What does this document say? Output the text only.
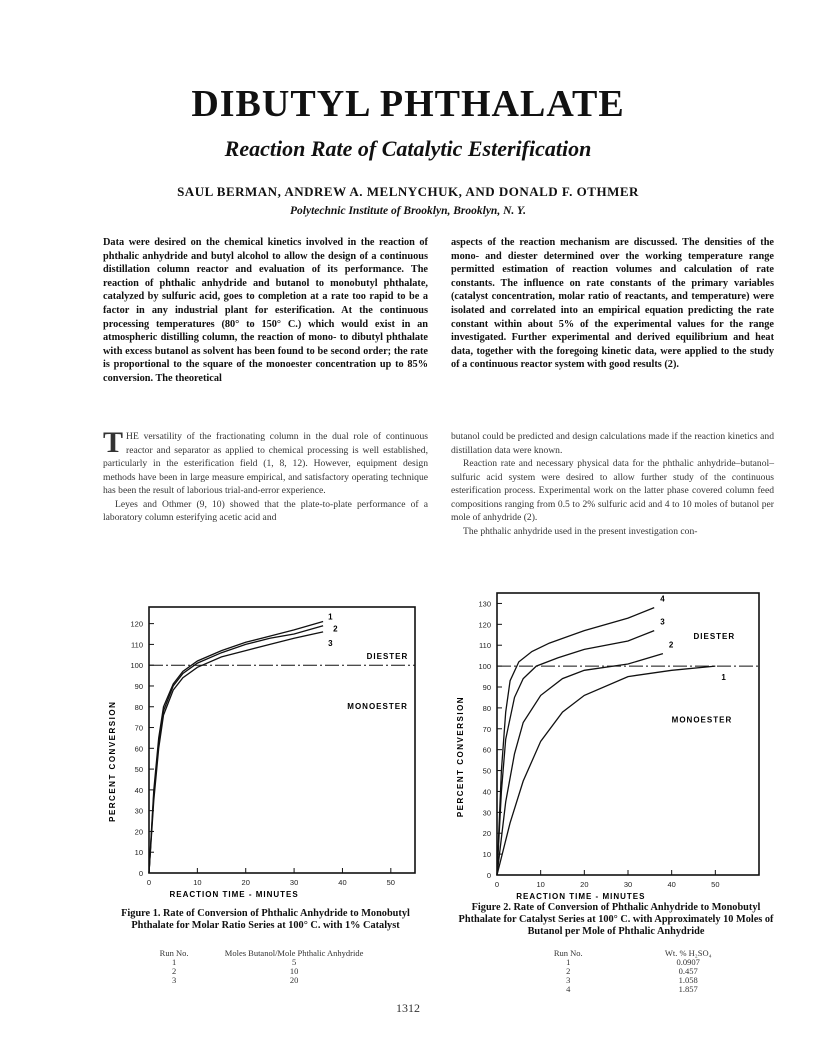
DIBUTYL PHTHALATE
Reaction Rate of Catalytic Esterification
SAUL BERMAN, ANDREW A. MELNYCHUK, AND DONALD F. OTHMER
Polytechnic Institute of Brooklyn, Brooklyn, N. Y.
Data were desired on the chemical kinetics involved in the reaction of phthalic anhydride and butyl alcohol to allow the design of a continuous distillation column reactor and evaluation of its performance. The reaction of phthalic anhydride and butanol to monobutyl phthalate, catalyzed by sulfuric acid, goes to completion at a rate too rapid to be a factor in any industrial plant for esterification. At the continuous processing temperatures (80° to 150° C.) which would exist in an atmospheric distilling column, the reaction of mono- to dibutyl phthalate with excess butanol as solvent has been found to be second order; the rate is proportional to the square of the monoester concentration up to 85% conversion. The theoretical
aspects of the reaction mechanism are discussed. The densities of the mono- and diester determined over the working temperature range permitted estimation of reaction volumes and calculation of rate constants. The influence on rate constants of the primary variables (catalyst concentration, molar ratio of reactants, and temperature) were isolated and correlated into an empirical equation predicting the rate constant within about 5% of the experimental values for the range investigated. Further experimental and derived equilibrium and heat data, together with the foregoing kinetic data, were applied to the study of a continuous reactor system with good results (2).

THE versatility of the fractionating column in the dual role of continuous reactor and separator as applied to chemical processing is well established, particularly in the esterification field (1, 8, 12). However, equipment design methods have been in large measure empirical, and satisfactory operating technique has been the result of laborious trial-and-error experience.

Leyes and Othmer (9, 10) showed that the plate-to-plate performance of a laboratory column esterifying acetic acid and

butanol could be predicted and design calculations made if the reaction kinetics and distillation data were known.

Reaction rate and necessary physical data for the phthalic anhydride–butanol–sulfuric acid system were desired to allow further study of the continuous esterification process. Experimental work on the latter phase covered column feed compositions ranging from 0.5 to 2% sulfuric acid and 4 to 10 moles of butanol per mole of anhydride (2).

The phthalic anhydride used in the present investigation con-

0
10
20
30
40
50
60
70
80
90
100
110
120
0	10	20	30	40	50
REACTION TIME - MINUTES
PERCENT CONVERSION
DIESTER
MONOESTER
1
2
3
0
10
20
30
40
50
60
70
80
90
100
110
120
130
0	10	20	30	40	50
REACTION TIME - MINUTES
PERCENT CONVERSION
DIESTER
MONOESTER
4
3
2
1
Figure 1. Rate of Conversion of Phthalic Anhydride to Monobutyl Phthalate for Molar Ratio Series at 100° C. with 1% Catalyst
Figure 2. Rate of Conversion of Phthalic Anhydride to Monobutyl Phthalate for Catalyst Series at 100° C. with Approximately 10 Moles of Butanol per Mole of Phthalic Anhydride
Run No.	Moles Butanol/Mole Phthalic Anhydride
1	5
2	10
3	20
Run No.	Wt. % H₂SO₄
1	0.0907
2	0.457
3	1.058
4	1.857
1312
